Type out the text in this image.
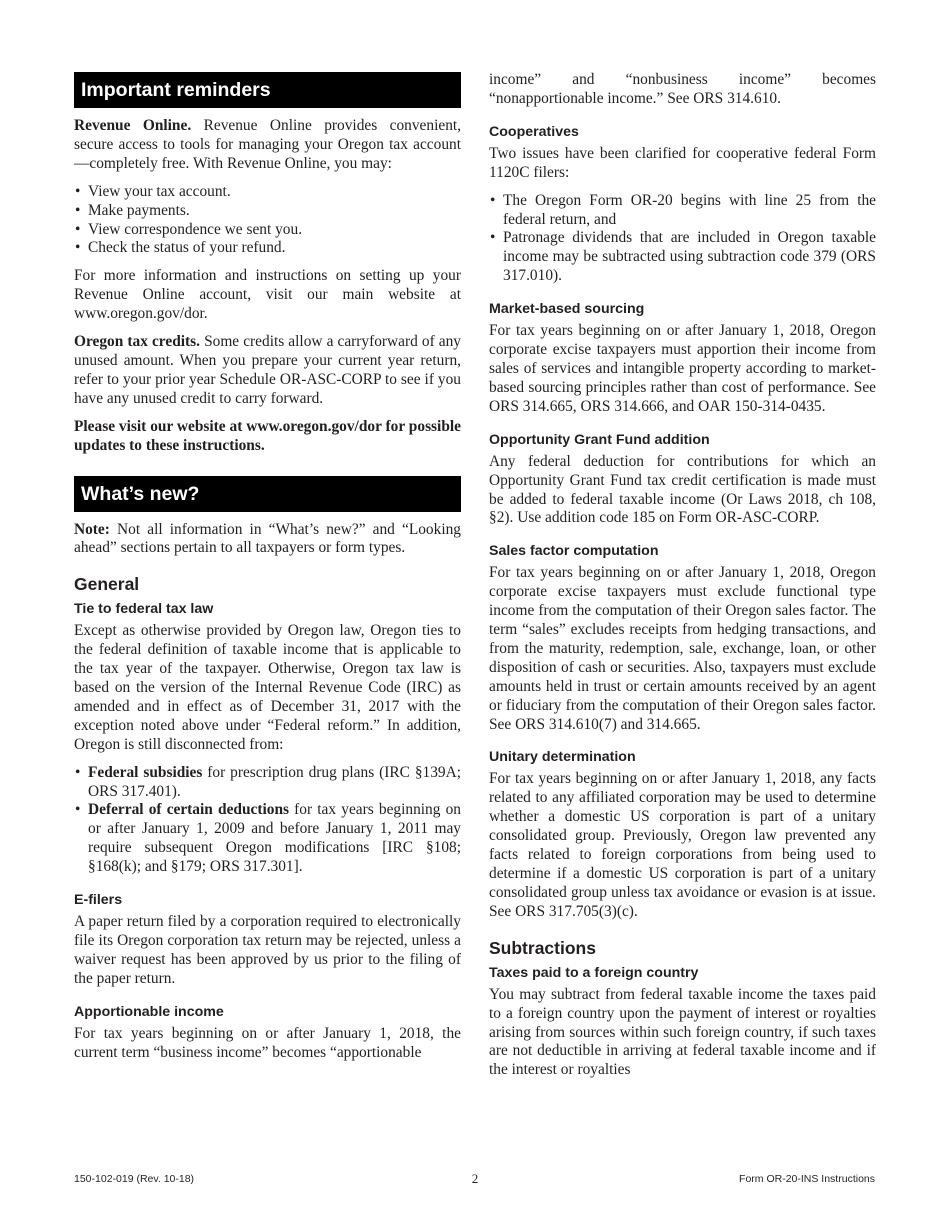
Important reminders

Revenue Online. Revenue Online provides convenient, secure access to tools for managing your Oregon tax account—completely free. With Revenue Online, you may:

• View your tax account.
• Make payments.
• View correspondence we sent you.
• Check the status of your refund.

For more information and instructions on setting up your Revenue Online account, visit our main website at www.oregon.gov/dor.

Oregon tax credits. Some credits allow a carryforward of any unused amount. When you prepare your current year return, refer to your prior year Schedule OR-ASC-CORP to see if you have any unused credit to carry forward.

Please visit our website at www.oregon.gov/dor for possible updates to these instructions.

What’s new?

Note: Not all information in “What’s new?” and “Looking ahead” sections pertain to all taxpayers or form types.

General
Tie to federal tax law

Except as otherwise provided by Oregon law, Oregon ties to the federal definition of taxable income that is applicable to the tax year of the taxpayer. Otherwise, Oregon tax law is based on the version of the Internal Revenue Code (IRC) as amended and in effect as of December 31, 2017 with the exception noted above under “Federal reform.” In addition, Oregon is still disconnected from:

• Federal subsidies for prescription drug plans (IRC §139A; ORS 317.401).
• Deferral of certain deductions for tax years beginning on or after January 1, 2009 and before January 1, 2011 may require subsequent Oregon modifications [IRC §108; §168(k); and §179; ORS 317.301].
E-filers

A paper return filed by a corporation required to electronically file its Oregon corporation tax return may be rejected, unless a waiver request has been approved by us prior to the filing of the paper return.

Apportionable income

For tax years beginning on or after January 1, 2018, the current term “business income” becomes “apportionable

income” and “nonbusiness income” becomes “nonapportionable income.” See ORS 314.610.

Cooperatives

Two issues have been clarified for cooperative federal Form 1120C filers:

• The Oregon Form OR-20 begins with line 25 from the federal return, and
• Patronage dividends that are included in Oregon taxable income may be subtracted using subtraction code 379 (ORS 317.010).
Market-based sourcing

For tax years beginning on or after January 1, 2018, Oregon corporate excise taxpayers must apportion their income from sales of services and intangible property according to market-based sourcing principles rather than cost of performance. See ORS 314.665, ORS 314.666, and OAR 150-314-0435.

Opportunity Grant Fund addition

Any federal deduction for contributions for which an Opportunity Grant Fund tax credit certification is made must be added to federal taxable income (Or Laws 2018, ch 108, §2). Use addition code 185 on Form OR-ASC-CORP.

Sales factor computation

For tax years beginning on or after January 1, 2018, Oregon corporate excise taxpayers must exclude functional type income from the computation of their Oregon sales factor. The term “sales” excludes receipts from hedging transactions, and from the maturity, redemption, sale, exchange, loan, or other disposition of cash or securities. Also, taxpayers must exclude amounts held in trust or certain amounts received by an agent or fiduciary from the computation of their Oregon sales factor. See ORS 314.610(7) and 314.665.

Unitary determination

For tax years beginning on or after January 1, 2018, any facts related to any affiliated corporation may be used to determine whether a domestic US corporation is part of a unitary consolidated group. Previously, Oregon law prevented any facts related to foreign corporations from being used to determine if a domestic US corporation is part of a unitary consolidated group unless tax avoidance or evasion is at issue. See ORS 317.705(3)(c).

Subtractions
Taxes paid to a foreign country

You may subtract from federal taxable income the taxes paid to a foreign country upon the payment of interest or royalties arising from sources within such foreign country, if such taxes are not deductible in arriving at federal taxable income and if the interest or royalties

150-102-019 (Rev. 10-18)	2	Form OR-20-INS Instructions
